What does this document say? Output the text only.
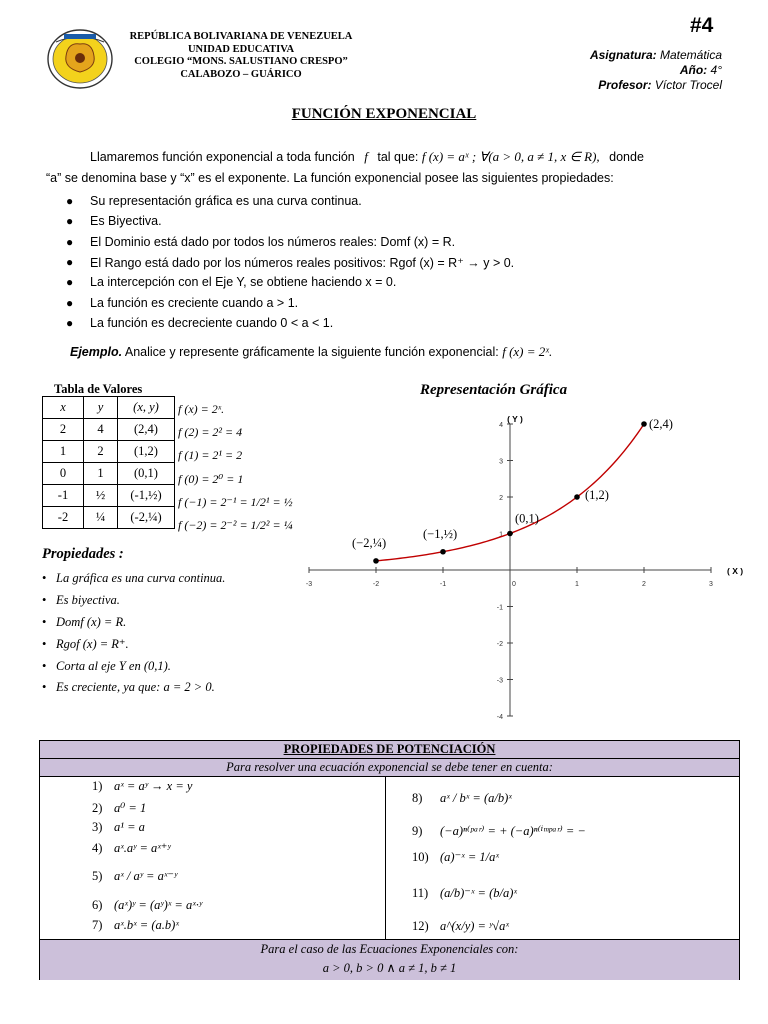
REPÚBLICA BOLIVARIANA DE VENEZUELA
UNIDAD EDUCATIVA
COLEGIO “MONS. SALUSTIANO CRESPO”
CALABOZO – GUÁRICO
#4
Asignatura: Matemática
Año: 4°
Profesor: Víctor Trocel
FUNCIÓN EXPONENCIAL
Llamaremos función exponencial a toda función f tal que: f (x) = aˣ ; ∀(a > 0, a ≠ 1, x ∈ R), donde
“a” se denomina base y “x” es el exponente. La función exponencial posee las siguientes propiedades:
●	Su representación gráfica es una curva continua.
●	Es Biyectiva.
●	El Dominio está dado por todos los números reales: Domf (x) = R.
●	El Rango está dado por los números reales positivos: Rgof (x) = R⁺ → y > 0.
●	La intercepción con el Eje Y, se obtiene haciendo x = 0.
●	La función es creciente cuando a > 1.
●	La función es decreciente cuando 0 < a < 1.
Ejemplo. Analice y represente gráficamente la siguiente función exponencial: f (x) = 2ˣ.
Tabla de Valores
x	y	(x, y)
2	4	(2,4)
1	2	(1,2)
0	1	(0,1)
-1	½	(-1,½)
-2	¼	(-2,¼)
f (x) = 2ˣ.
f (2) = 2² = 4
f (1) = 2¹ = 2
f (0) = 2⁰ = 1
f (−1) = 2⁻¹ = 1/2¹ = ½
f (−2) = 2⁻² = 1/2² = ¼
Propiedades :
• La gráfica es una curva continua.
• Es biyectiva.
• Domf (x) = R.
• Rgof (x) = R⁺.
• Corta al eje Y en (0,1).
• Es creciente, ya que: a = 2 > 0.
Representación Gráfica
-3	-2	-1	0	1	2	3
4
3
2
1
-1
-2
-3
-4
( X )
( Y )	(2,4)
(1,2)
(0,1)
(−1,½)
(−2,¼)
PROPIEDADES DE POTENCIACIÓN
Para resolver una ecuación exponencial se debe tener en cuenta:
1) aˣ = aʸ → x = y
2) a⁰ = 1
3) a¹ = a
4) aˣ.aʸ = aˣ⁺ʸ
5) aˣ / aʸ = aˣ⁻ʸ
6) (aˣ)ʸ = (aʸ)ˣ = aˣ·ʸ
7) aˣ.bˣ = (a.b)ˣ
8)	aˣ / bˣ = (a/b)ˣ
9)	(−a)ⁿ⁽ᵖᵃʳ⁾ = + (−a)ⁿ⁽ⁱᵐᵖᵃʳ⁾ = −
10) (a)⁻ˣ = 1/aˣ
11) (a/b)⁻ˣ = (b/a)ˣ
12) a^(x/y) = ʸ√aˣ
Para el caso de las Ecuaciones Exponenciales con:
a > 0, b > 0 ∧ a ≠ 1, b ≠ 1
